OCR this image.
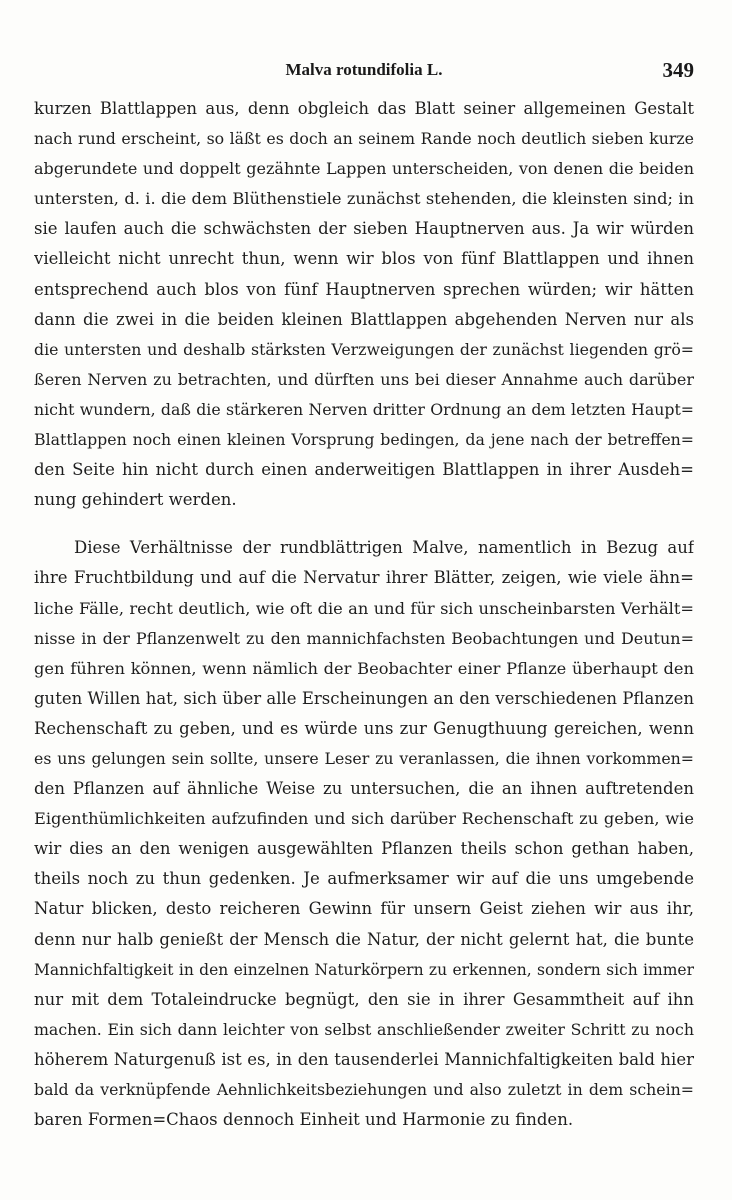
Malva rotundifolia L.	349
kurzen Blattlappen aus, denn obgleich das Blatt seiner allgemeinen Gestalt
nach rund erscheint, so läßt es doch an seinem Rande noch deutlich sieben kurze
abgerundete und doppelt gezähnte Lappen unterscheiden, von denen die beiden
untersten, d. i. die dem Blüthenstiele zunächst stehenden, die kleinsten sind; in
sie laufen auch die schwächsten der sieben Hauptnerven aus. Ja wir würden
vielleicht nicht unrecht thun, wenn wir blos von fünf Blattlappen und ihnen
entsprechend auch blos von fünf Hauptnerven sprechen würden; wir hätten
dann die zwei in die beiden kleinen Blattlappen abgehenden Nerven nur als
die untersten und deshalb stärksten Verzweigungen der zunächst liegenden grö=
ßeren Nerven zu betrachten, und dürften uns bei dieser Annahme auch darüber
nicht wundern, daß die stärkeren Nerven dritter Ordnung an dem letzten Haupt=
Blattlappen noch einen kleinen Vorsprung bedingen, da jene nach der betreffen=
den Seite hin nicht durch einen anderweitigen Blattlappen in ihrer Ausdeh=
nung gehindert werden.
Diese Verhältnisse der rundblättrigen Malve, namentlich in Bezug auf
ihre Fruchtbildung und auf die Nervatur ihrer Blätter, zeigen, wie viele ähn=
liche Fälle, recht deutlich, wie oft die an und für sich unscheinbarsten Verhält=
nisse in der Pflanzenwelt zu den mannichfachsten Beobachtungen und Deutun=
gen führen können, wenn nämlich der Beobachter einer Pflanze überhaupt den
guten Willen hat, sich über alle Erscheinungen an den verschiedenen Pflanzen
Rechenschaft zu geben, und es würde uns zur Genugthuung gereichen, wenn
es uns gelungen sein sollte, unsere Leser zu veranlassen, die ihnen vorkommen=
den Pflanzen auf ähnliche Weise zu untersuchen, die an ihnen auftretenden
Eigenthümlichkeiten aufzufinden und sich darüber Rechenschaft zu geben, wie
wir dies an den wenigen ausgewählten Pflanzen theils schon gethan haben,
theils noch zu thun gedenken. Je aufmerksamer wir auf die uns umgebende
Natur blicken, desto reicheren Gewinn für unsern Geist ziehen wir aus ihr,
denn nur halb genießt der Mensch die Natur, der nicht gelernt hat, die bunte
Mannichfaltigkeit in den einzelnen Naturkörpern zu erkennen, sondern sich immer
nur mit dem Totaleindrucke begnügt, den sie in ihrer Gesammtheit auf ihn
machen. Ein sich dann leichter von selbst anschließender zweiter Schritt zu noch
höherem Naturgenuß ist es, in den tausenderlei Mannichfaltigkeiten bald hier
bald da verknüpfende Aehnlichkeitsbeziehungen und also zuletzt in dem schein=
baren Formen=Chaos dennoch Einheit und Harmonie zu finden.
